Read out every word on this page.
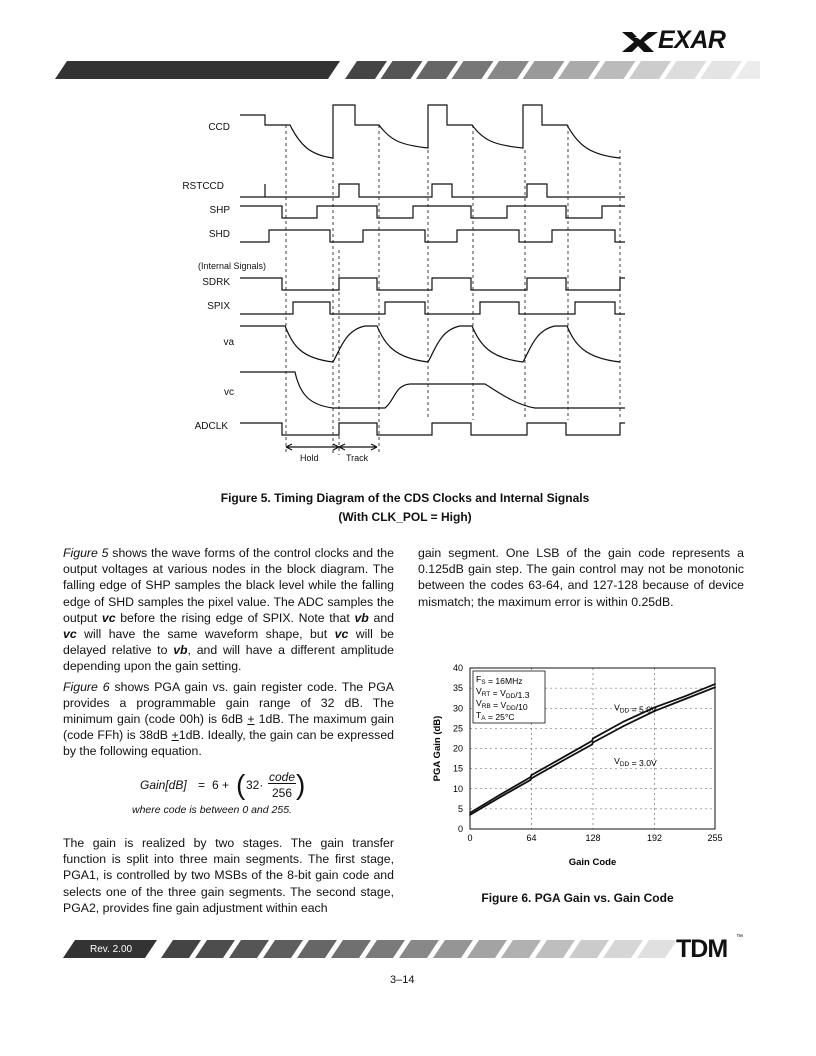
EXAR
CCD
RSTCCD
SHP
SHD
(Internal Signals)
SDRK
SPIX
va
vc
ADCLK
Hold	Track
Figure 5. Timing Diagram of the CDS Clocks and Internal Signals
(With CLK_POL = High)

Figure 5 shows the wave forms of the control clocks and the output voltages at various nodes in the block diagram. The falling edge of SHP samples the black level while the falling edge of SHD samples the pixel value. The ADC samples the output vc before the rising edge of SPIX. Note that vb and vc will have the same waveform shape, but vc will be delayed relative to vb, and will have a different amplitude depending upon the gain setting.

Figure 6 shows PGA gain vs. gain register code. The PGA provides a programmable gain range of 32 dB. The minimum gain (code 00h) is 6dB + 1dB. The maximum gain (code FFh) is 38dB +1dB. Ideally, the gain can be expressed by the following equation.

Gain[dB] = 6 + ( 32·
code
256 )
where code is between 0 and 255.
The gain is realized by two stages. The gain transfer function is split into three main segments. The first stage, PGA1, is controlled by two MSBs of the 8-bit gain code and selects one of the three gain segments. The second stage, PGA2, provides fine gain adjustment within each
gain segment. One LSB of the gain code represents a 0.125dB gain step. The gain control may not be monotonic between the codes 63-64, and 127-128 because of device mismatch; the maximum error is within 0.25dB.
0
5
10
15
20
25
30
35
40
0	64	128	192	255
Gain Code
PGA Gain (dB)
$F_S = 16MHz$
$V_{RT} = V_{DD}/1.3$
$V_{RB} = V_{DD}/10$
$T_A = 25^\circ C$
$V_{DD} = 5.0V$
$V_{DD} = 3.0V$
Figure 6. PGA Gain vs. Gain Code
Rev. 2.00	TDM ™
3–14
